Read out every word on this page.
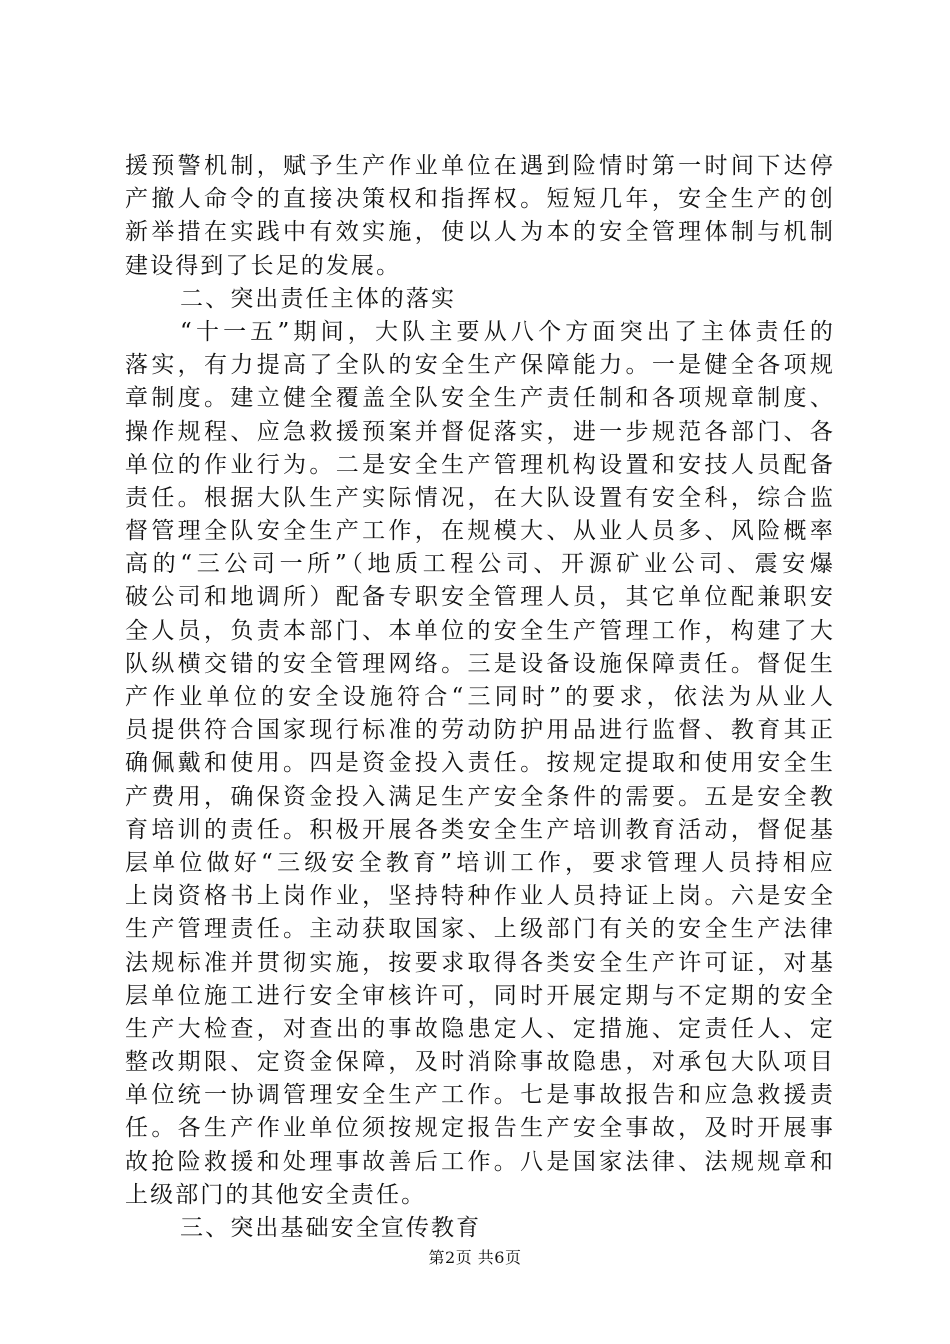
援预警机制，赋予生产作业单位在遇到险情时第一时间下达停
产撤人命令的直接决策权和指挥权。短短几年，安全生产的创
新举措在实践中有效实施，使以人为本的安全管理体制与机制
建设得到了长足的发展。
二、突出责任主体的落实
“十一五”期间，大队主要从八个方面突出了主体责任的
落实，有力提高了全队的安全生产保障能力。一是健全各项规
章制度。建立健全覆盖全队安全生产责任制和各项规章制度、
操作规程、应急救援预案并督促落实，进一步规范各部门、各
单位的作业行为。二是安全生产管理机构设置和安技人员配备
责任。根据大队生产实际情况，在大队设置有安全科，综合监
督管理全队安全生产工作，在规模大、从业人员多、风险概率
高的“三公司一所”（地质工程公司、开源矿业公司、震安爆
破公司和地调所）配备专职安全管理人员，其它单位配兼职安
全人员，负责本部门、本单位的安全生产管理工作，构建了大
队纵横交错的安全管理网络。三是设备设施保障责任。督促生
产作业单位的安全设施符合“三同时”的要求，依法为从业人
员提供符合国家现行标准的劳动防护用品进行监督、教育其正
确佩戴和使用。四是资金投入责任。按规定提取和使用安全生
产费用，确保资金投入满足生产安全条件的需要。五是安全教
育培训的责任。积极开展各类安全生产培训教育活动，督促基
层单位做好“三级安全教育”培训工作，要求管理人员持相应
上岗资格书上岗作业，坚持特种作业人员持证上岗。六是安全
生产管理责任。主动获取国家、上级部门有关的安全生产法律
法规标准并贯彻实施，按要求取得各类安全生产许可证，对基
层单位施工进行安全审核许可，同时开展定期与不定期的安全
生产大检查，对查出的事故隐患定人、定措施、定责任人、定
整改期限、定资金保障，及时消除事故隐患，对承包大队项目
单位统一协调管理安全生产工作。七是事故报告和应急救援责
任。各生产作业单位须按规定报告生产安全事故，及时开展事
故抢险救援和处理事故善后工作。八是国家法律、法规规章和
上级部门的其他安全责任。
三、突出基础安全宣传教育
第2页 共6页
